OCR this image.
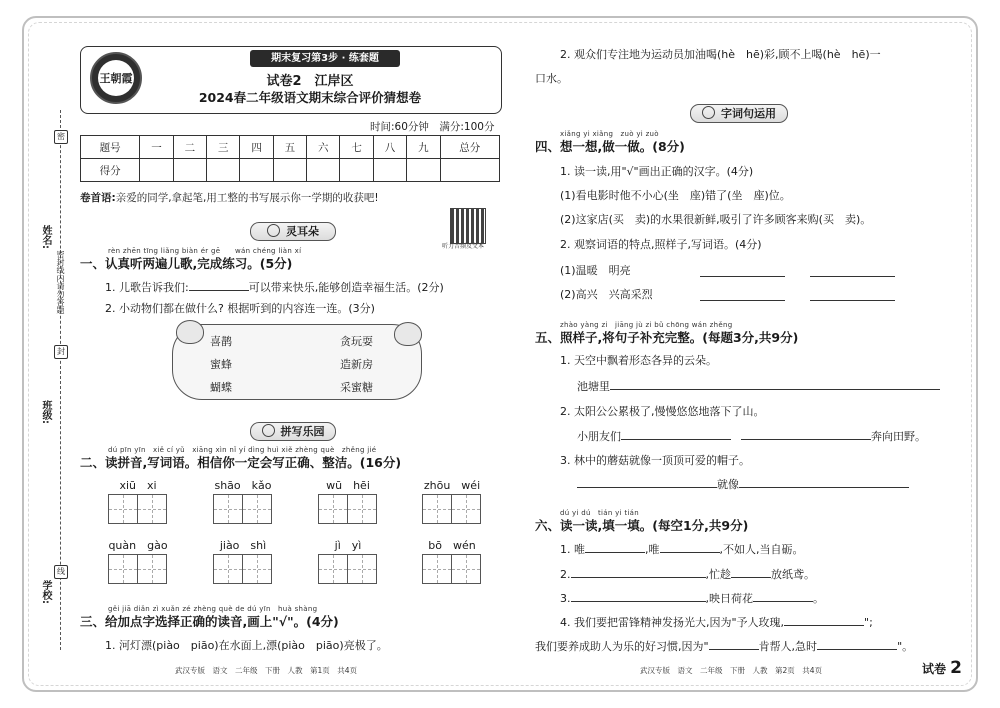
姓名:
班级:
学校:
密封线内请勿答题
密
封
线
王朝霞
期末复习第3步 · 练套题
试卷2　江岸区
2024春二年级语文期末综合评价猜想卷
时间:60分钟　满分:100分
题号	一	二	三	四	五	六	七	八	九	总分
得分										
卷首语:亲爱的同学,拿起笔,用工整的书写展示你一学期的收获吧!
灵耳朵
听力音频及文本
rèn zhēn tīng liǎng biàn ér gē　　wán chéng liàn xí
一、认真听两遍儿歌,完成练习。(5分)
1. 儿歌告诉我们:	可以带来快乐,能够创造幸福生活。(2分)
2. 小动物们都在做什么? 根据听到的内容连一连。(3分)
喜鹊
蜜蜂
蝴蝶
贪玩耍
造新房
采蜜糖
拼写乐园
dú pīn yīn　xiě cí yǔ　xiāng xìn nǐ yí dìng huì xiě zhèng què　zhěng jié
二、读拼音,写词语。相信你一定会写正确、整洁。(16分)
xiū　xi	shāo　kǎo	wū　hēi	zhōu　wéi
quàn　gào	jiào　shì	jì　yì	bō　wén
gěi jiā diǎn zì xuǎn zé zhèng què de dú yīn　huà shàng
三、给加点字选择正确的读音,画上"√"。(4分)
1. 河灯漂(piào　piāo)在水面上,漂(piào　piāo)亮极了。
武汉专版　语文　二年级　下册　人教　第1页　共4页
2. 观众们专注地为运动员加油喝(hè　hē)彩,顾不上喝(hè　hē)一
口水。
字词句运用
xiǎng yi xiǎng　zuò yi zuò
四、想一想,做一做。(8分)
1. 读一读,用"√"画出正确的汉字。(4分)
(1)看电影时他不小心(坐　座)错了(坐　座)位。
(2)这家店(买　卖)的水果很新鲜,吸引了许多顾客来购(买　卖)。
2. 观察词语的特点,照样子,写词语。(4分)
(1)温暖　明亮
(2)高兴　兴高采烈
zhào yàng zi　jiāng jù zi bǔ chōng wán zhěng
五、照样子,将句子补充完整。(每题3分,共9分)
1. 天空中飘着形态各异的云朵。
池塘里
2. 太阳公公累极了,慢慢悠悠地落下了山。
小朋友们	奔向田野。
3. 林中的蘑菇就像一顶顶可爱的帽子。
就像
dú yi dú　tián yi tián
六、读一读,填一填。(每空1分,共9分)
1. 唯	,唯	,不如人,当自砺。
2.	,忙趁	放纸鸢。
3.	,映日荷花	。
4. 我们要把雷锋精神发扬光大,因为"予人玫瑰,	";
我们要养成助人为乐的好习惯,因为"	肯帮人,急时	"。
武汉专版　语文　二年级　下册　人教　第2页　共4页	试卷 2
